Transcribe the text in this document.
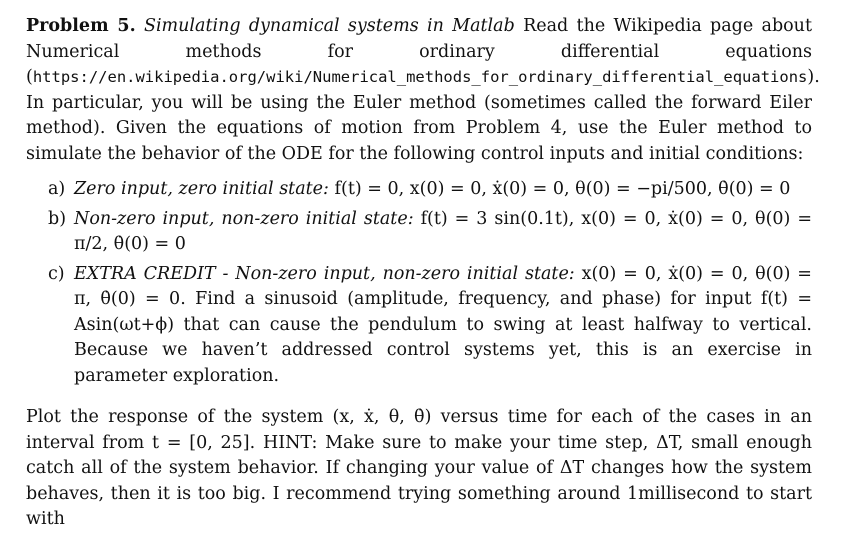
Problem 5. Simulating dynamical systems in Matlab Read the Wikipedia page about Numerical methods for ordinary differential equations (https://en.wikipedia.org/wiki/Numerical_methods_for_ordinary_differential_equations). In particular, you will be using the Euler method (sometimes called the forward Eiler method). Given the equations of motion from Problem 4, use the Euler method to simulate the behavior of the ODE for the following control inputs and initial conditions:

a) Zero input, zero initial state: f(t) = 0, x(0) = 0, ẋ(0) = 0, θ(0) = −pi/500, θ̇(0) = 0
b) Non-zero input, non-zero initial state: f(t) = 3 sin(0.1t), x(0) = 0, ẋ(0) = 0, θ(0) = π/2, θ̇(0) = 0
c) EXTRA CREDIT - Non-zero input, non-zero initial state: x(0) = 0, ẋ(0) = 0, θ(0) = π, θ̇(0) = 0. Find a sinusoid (amplitude, frequency, and phase) for input f(t) = Asin(ωt+ϕ) that can cause the pendulum to swing at least halfway to vertical. Because we haven’t addressed control systems yet, this is an exercise in parameter exploration.

Plot the response of the system (x, ẋ, θ, θ̇) versus time for each of the cases in an interval from t = [0, 25]. HINT: Make sure to make your time step, ΔT, small enough catch all of the system behavior. If changing your value of ΔT changes how the system behaves, then it is too big. I recommend trying something around 1millisecond to start with
